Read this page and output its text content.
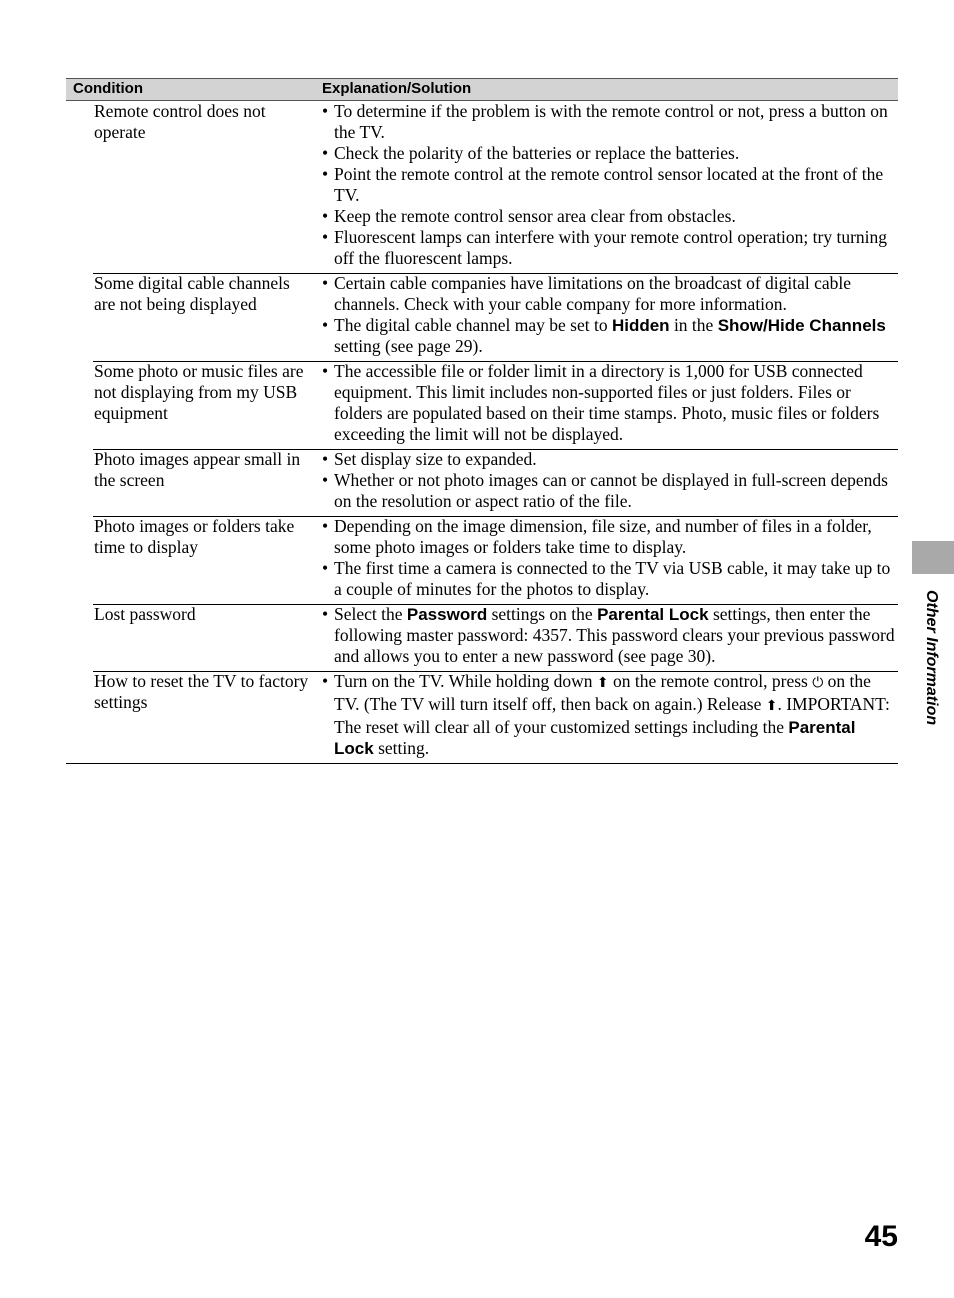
Condition	Explanation/Solution
Remote control does not operate
• To determine if the problem is with the remote control or not, press a button on the TV.
• Check the polarity of the batteries or replace the batteries.
• Point the remote control at the remote control sensor located at the front of the TV.
• Keep the remote control sensor area clear from obstacles.
• Fluorescent lamps can interfere with your remote control operation; try turning off the fluorescent lamps.
Some digital cable channels are not being displayed
• Certain cable companies have limitations on the broadcast of digital cable channels. Check with your cable company for more information.
• The digital cable channel may be set to Hidden in the Show/Hide Channels setting (see page 29).
Some photo or music files are not displaying from my USB equipment
• The accessible file or folder limit in a directory is 1,000 for USB connected equipment. This limit includes non-supported files or just folders. Files or folders are populated based on their time stamps. Photo, music files or folders exceeding the limit will not be displayed.
Photo images appear small in the screen
• Set display size to expanded.
• Whether or not photo images can or cannot be displayed in full-screen depends on the resolution or aspect ratio of the file.
Photo images or folders take time to display
• Depending on the image dimension, file size, and number of files in a folder, some photo images or folders take time to display.
• The first time a camera is connected to the TV via USB cable, it may take up to a couple of minutes for the photos to display.
Lost password
•	Select the Password settings on the Parental Lock settings, then enter the following master password: 4357. This password clears your previous password and allows you to enter a new password (see page 30).
How to reset the TV to factory settings
• Turn on the TV. While holding down ⬆ on the remote control, press ⏻ on the TV. (The TV will turn itself off, then back on again.) Release ⬆. IMPORTANT: The reset will clear all of your customized settings including the Parental Lock setting.
Other Information
45
